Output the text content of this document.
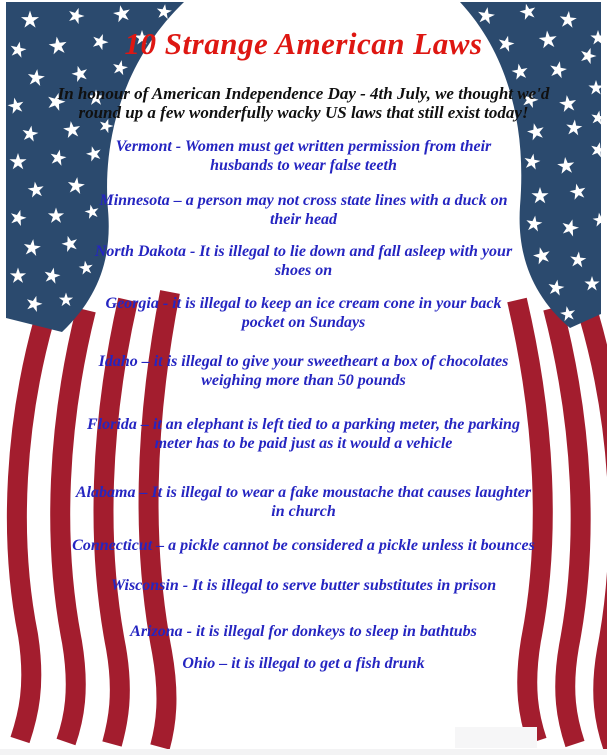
10 Strange American Laws
In honour of American Independence Day - 4th July, we thought we'd
round up a few wonderfully wacky US laws that still exist today!
Vermont - Women must get written permission from their
husbands to wear false teeth
Minnesota – a person may not cross state lines with a duck on
their head
North Dakota - It is illegal to lie down and fall asleep with your
shoes on
Georgia - it is illegal to keep an ice cream cone in your back
pocket on Sundays
Idaho – it is illegal to give your sweetheart a box of chocolates
weighing more than 50 pounds
Florida – it an elephant is left tied to a parking meter, the parking
meter has to be paid just as it would a vehicle
Alabama – It is illegal to wear a fake moustache that causes laughter
in church
Connecticut – a pickle cannot be considered a pickle unless it bounces
Wisconsin - It is illegal to serve butter substitutes in prison
Arizona - it is illegal for donkeys to sleep in bathtubs
Ohio – it is illegal to get a fish drunk
